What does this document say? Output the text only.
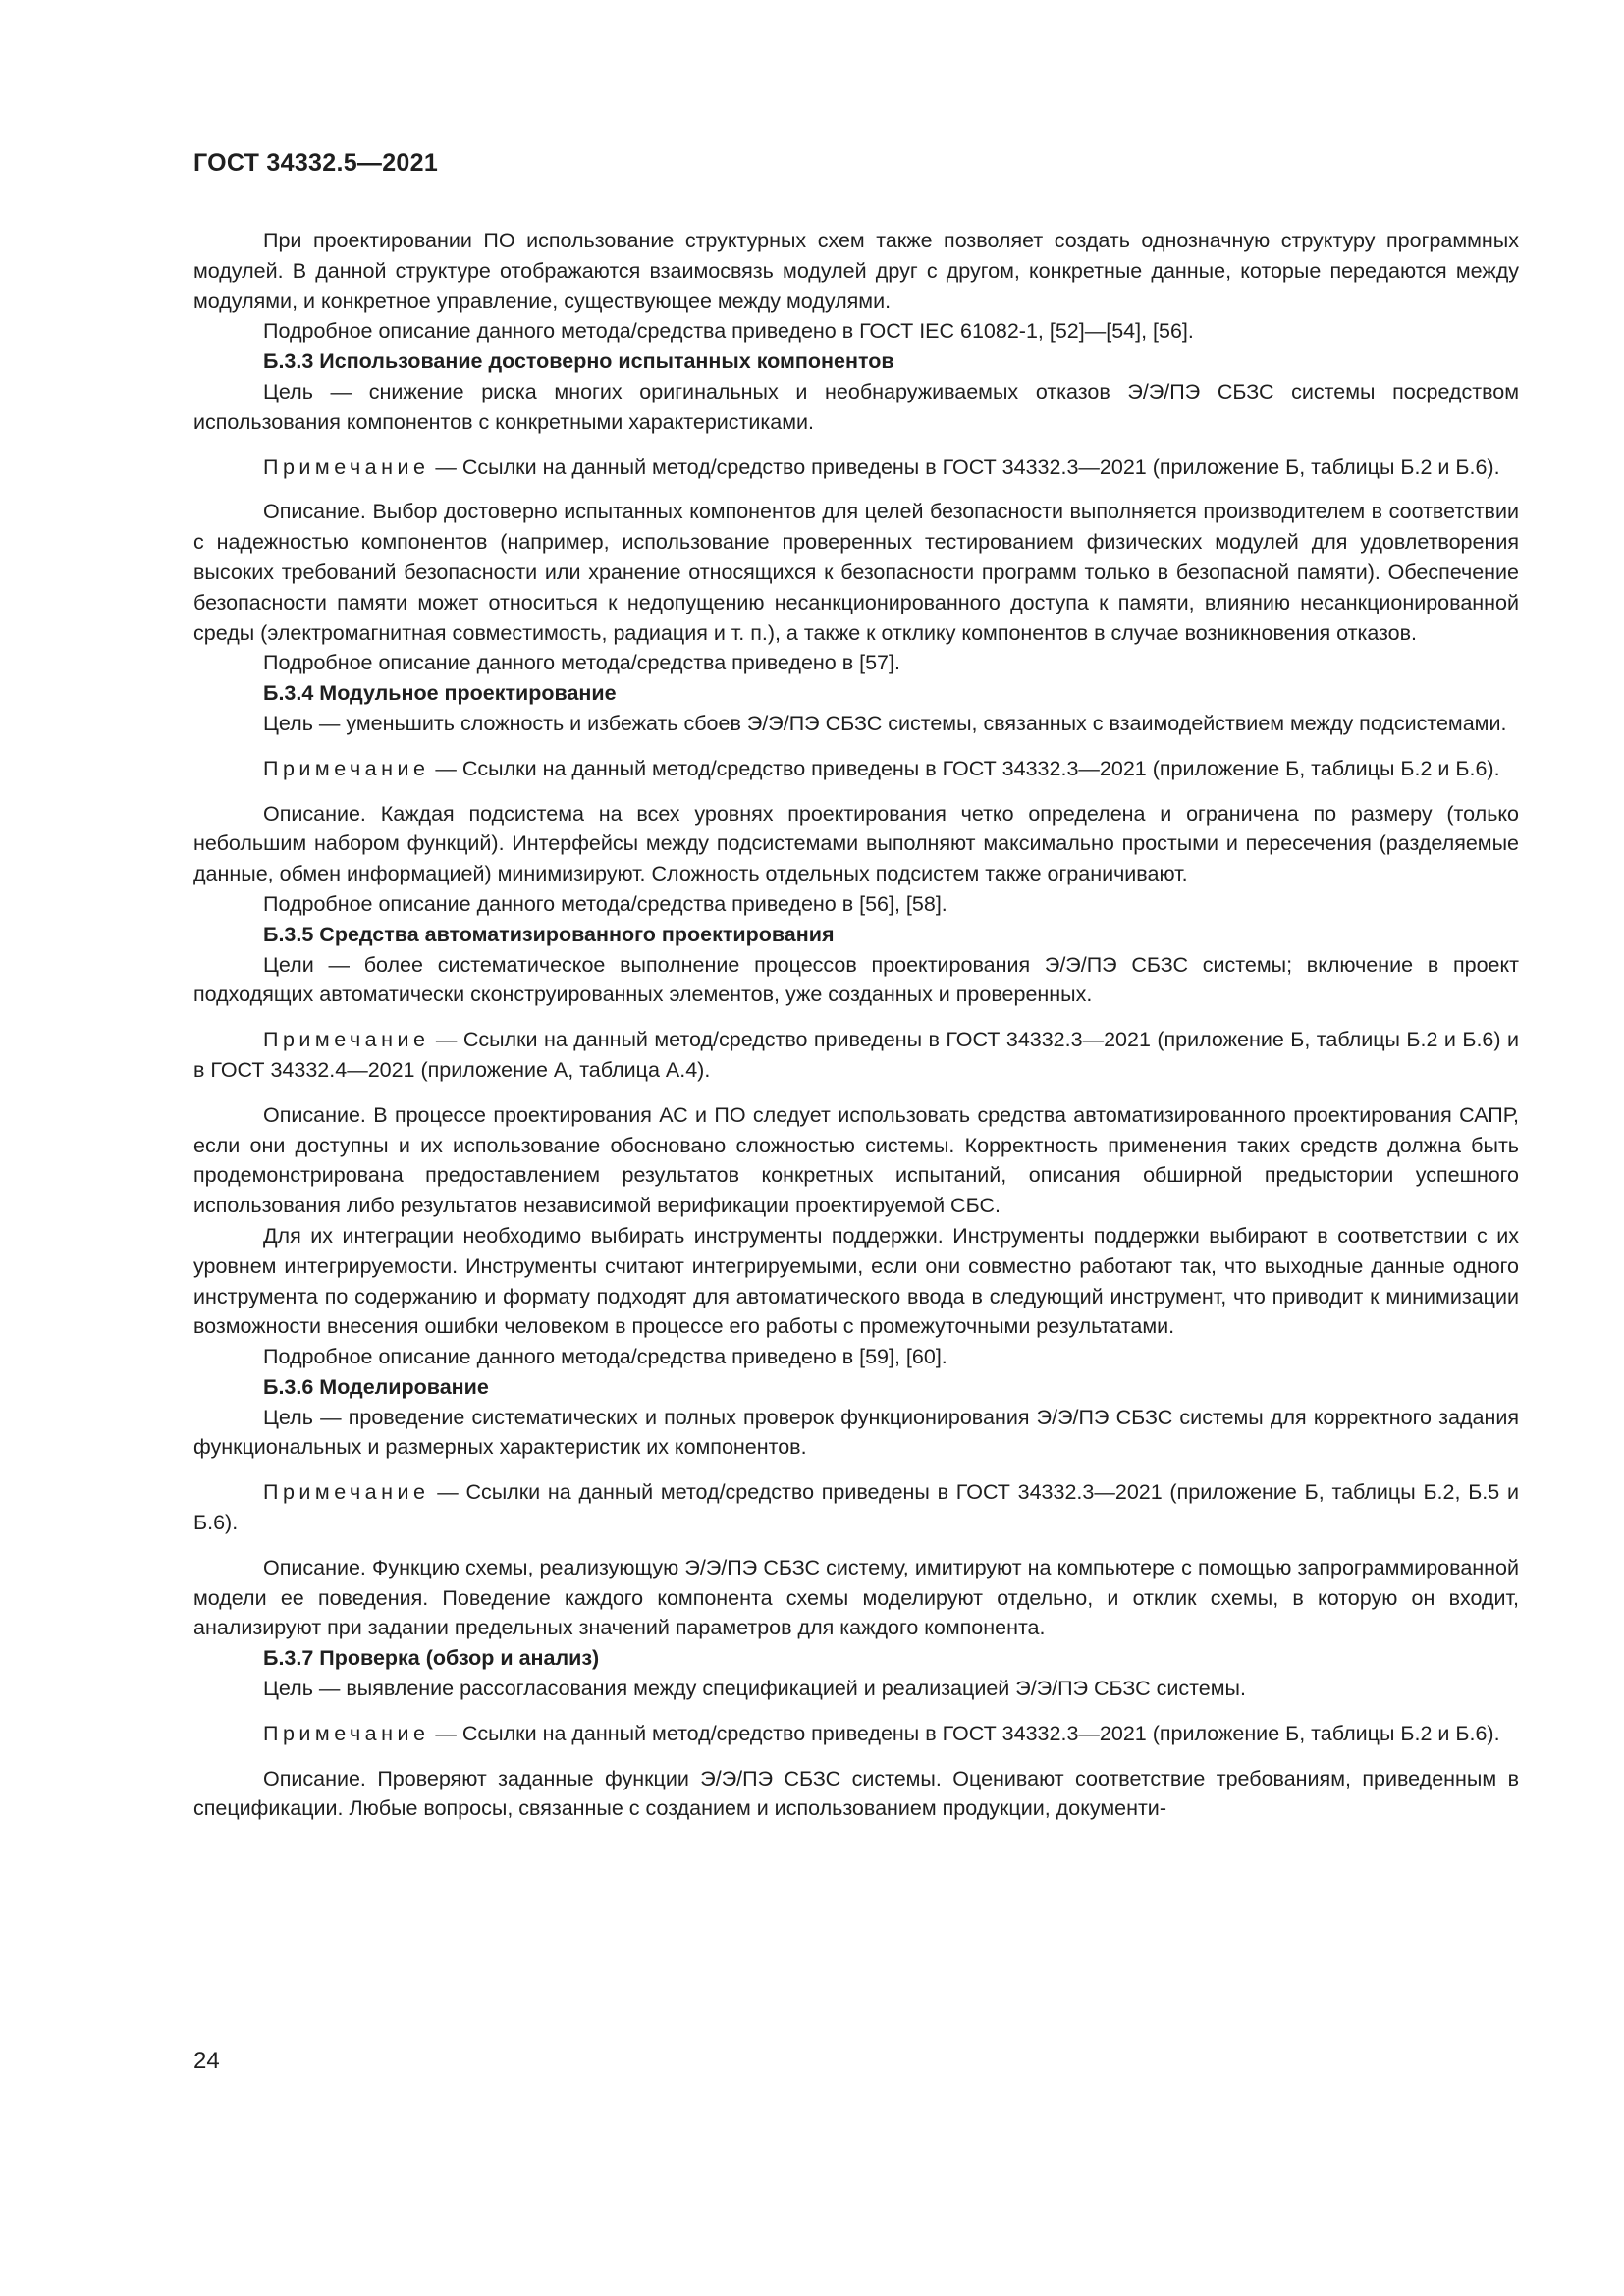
ГОСТ 34332.5—2021

При проектировании ПО использование структурных схем также позволяет создать однозначную структуру программных модулей. В данной структуре отображаются взаимосвязь модулей друг с другом, конкретные данные, которые передаются между модулями, и конкретное управление, существующее между модулями.

Подробное описание данного метода/средства приведено в ГОСТ IEC 61082-1, [52]—[54], [56].

Б.3.3 Использование достоверно испытанных компонентов

Цель — снижение риска многих оригинальных и необнаруживаемых отказов Э/Э/ПЭ СБЗС системы посредством использования компонентов с конкретными характеристиками.

Примечание — Ссылки на данный метод/средство приведены в ГОСТ 34332.3—2021 (приложение Б, таблицы Б.2 и Б.6).

Описание. Выбор достоверно испытанных компонентов для целей безопасности выполняется производителем в соответствии с надежностью компонентов (например, использование проверенных тестированием физических модулей для удовлетворения высоких требований безопасности или хранение относящихся к безопасности программ только в безопасной памяти). Обеспечение безопасности памяти может относиться к недопущению несанкционированного доступа к памяти, влиянию несанкционированной среды (электромагнитная совместимость, радиация и т. п.), а также к отклику компонентов в случае возникновения отказов.

Подробное описание данного метода/средства приведено в [57].

Б.3.4 Модульное проектирование

Цель — уменьшить сложность и избежать сбоев Э/Э/ПЭ СБЗС системы, связанных с взаимодействием между подсистемами.

Примечание — Ссылки на данный метод/средство приведены в ГОСТ 34332.3—2021 (приложение Б, таблицы Б.2 и Б.6).

Описание. Каждая подсистема на всех уровнях проектирования четко определена и ограничена по размеру (только небольшим набором функций). Интерфейсы между подсистемами выполняют максимально простыми и пересечения (разделяемые данные, обмен информацией) минимизируют. Сложность отдельных подсистем также ограничивают.

Подробное описание данного метода/средства приведено в [56], [58].

Б.3.5 Средства автоматизированного проектирования

Цели — более систематическое выполнение процессов проектирования Э/Э/ПЭ СБЗС системы; включение в проект подходящих автоматически сконструированных элементов, уже созданных и проверенных.

Примечание — Ссылки на данный метод/средство приведены в ГОСТ 34332.3—2021 (приложение Б, таблицы Б.2 и Б.6) и в ГОСТ 34332.4—2021 (приложение А, таблица А.4).

Описание. В процессе проектирования АС и ПО следует использовать средства автоматизированного проектирования САПР, если они доступны и их использование обосновано сложностью системы. Корректность применения таких средств должна быть продемонстрирована предоставлением результатов конкретных испытаний, описания обширной предыстории успешного использования либо результатов независимой верификации проектируемой СБС.

Для их интеграции необходимо выбирать инструменты поддержки. Инструменты поддержки выбирают в соответствии с их уровнем интегрируемости. Инструменты считают интегрируемыми, если они совместно работают так, что выходные данные одного инструмента по содержанию и формату подходят для автоматического ввода в следующий инструмент, что приводит к минимизации возможности внесения ошибки человеком в процессе его работы с промежуточными результатами.

Подробное описание данного метода/средства приведено в [59], [60].

Б.3.6 Моделирование

Цель — проведение систематических и полных проверок функционирования Э/Э/ПЭ СБЗС системы для корректного задания функциональных и размерных характеристик их компонентов.

Примечание — Ссылки на данный метод/средство приведены в ГОСТ 34332.3—2021 (приложение Б, таблицы Б.2, Б.5 и Б.6).

Описание. Функцию схемы, реализующую Э/Э/ПЭ СБЗС систему, имитируют на компьютере с помощью запрограммированной модели ее поведения. Поведение каждого компонента схемы моделируют отдельно, и отклик схемы, в которую он входит, анализируют при задании предельных значений параметров для каждого компонента.

Б.3.7 Проверка (обзор и анализ)

Цель — выявление рассогласования между спецификацией и реализацией Э/Э/ПЭ СБЗС системы.

Примечание — Ссылки на данный метод/средство приведены в ГОСТ 34332.3—2021 (приложение Б, таблицы Б.2 и Б.6).

Описание. Проверяют заданные функции Э/Э/ПЭ СБЗС системы. Оценивают соответствие требованиям, приведенным в спецификации. Любые вопросы, связанные с созданием и использованием продукции, документи-

24
